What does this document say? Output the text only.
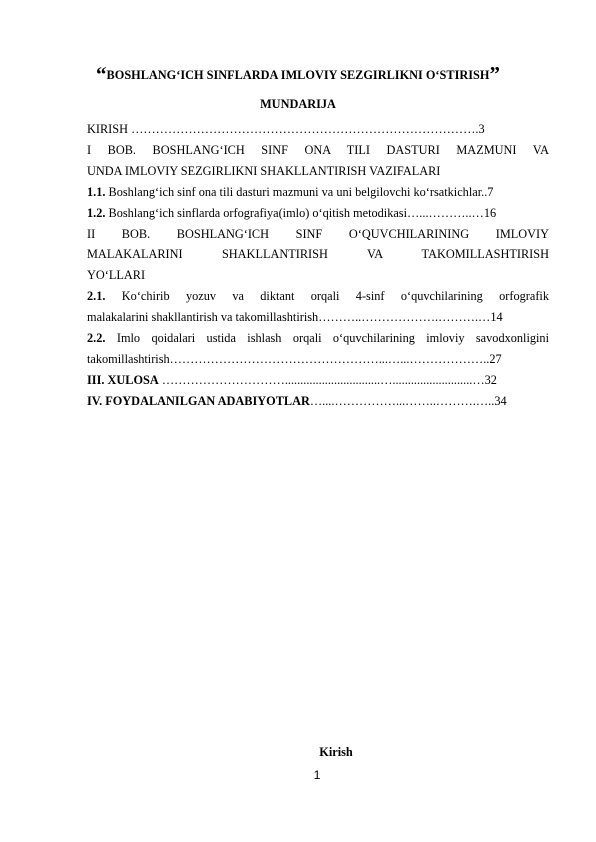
“BOSHLANG‘ICH SINFLARDA IMLOVIY SEZGIRLIKNI O‘STIRISH”
MUNDARIJA
KIRISH ………………………………………………………………………….3
I BOB. BOSHLANG‘ICH SINF ONA TILI DASTURI MAZMUNI VA
UNDA IMLOVIY SEZGIRLIKNI SHAKLLANTIRISH VAZIFALARI
1.1. Boshlang‘ich sinf ona tili dasturi mazmuni va uni belgilovchi ko‘rsatkichlar..7
1.2. Boshlang‘ich sinflarda orfografiya(imlo) o‘qitish metodikasi…...………..…16
II BOB. BOSHLANG‘ICH SINF O‘QUVCHILARINING IMLOVIY
MALAKALARINI SHAKLLANTIRISH VA TAKOMILLASHTIRISH
YO‘LLARI
2.1. Ko‘chirib yozuv va diktant orqali 4-sinf o‘quvchilarining orfografik
malakalarini shakllantirish va takomillashtirish………..……………….……….…14
2.2. Imlo qoidalari ustida ishlash orqali o‘quvchilarining imloviy savodxonligini
takomillashtirish……………………………………………...…...………………..27
III. XULOSA …………………………...............................…..........................…32
IV. FOYDALANILGAN ADABIYOTLAR…....……………...……..……….…..34
Kirish
1
